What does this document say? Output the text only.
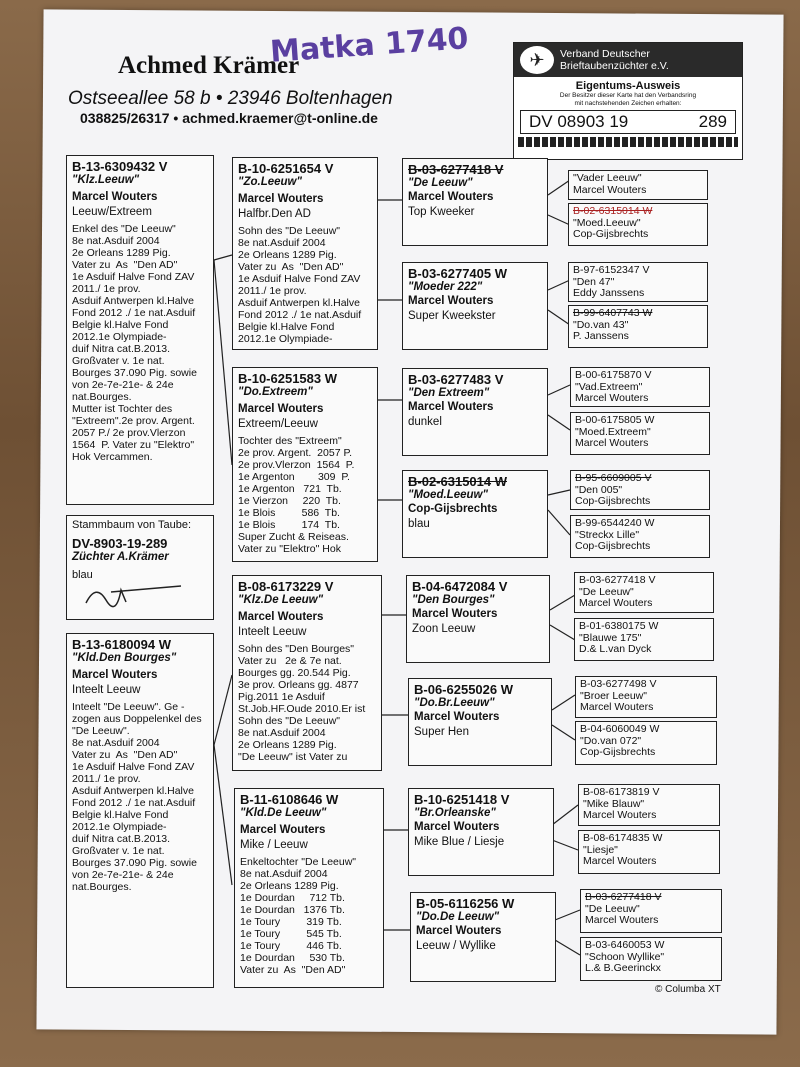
Matka 1740
Achmed Krämer
Ostseeallee 58 b • 23946 Boltenhagen
038825/26317 • achmed.kraemer@t-online.de
✈	Verband Deutscher
Brieftaubenzüchter e.V.
Eigentums-Ausweis
Der Besitzer dieser Karte hat den Verbandsring
mit nachstehenden Zeichen erhalten:
DV 08903 19	289
B-13-6309432 V
"Klz.Leeuw"
Marcel Wouters
Leeuw/Extreem
Enkel des "De Leeuw"
8e nat.Asduif 2004
2e Orleans 1289 Pig.
Vater zu  As  "Den AD"
1e Asduif Halve Fond ZAV
2011./ 1e prov.
Asduif Antwerpen kl.Halve
Fond 2012 ./ 1e nat.Asduif
Belgie kl.Halve Fond
2012.1e Olympiade-
duif Nitra cat.B.2013.
Großvater v. 1e nat.
Bourges 37.090 Pig. sowie
von 2e-7e-21e- & 24e
nat.Bourges.
Mutter ist Tochter des
"Extreem".2e prov. Argent.
2057 P./ 2e prov.Vlerzon
1564  P. Vater zu "Elektro"
Hok Vercammen.
Stammbaum von Taube:
DV-8903-19-289
Züchter A.Krämer
blau
B-13-6180094 W
"Kld.Den Bourges"
Marcel Wouters
Inteelt Leeuw
Inteelt "De Leeuw". Ge -
zogen aus Doppelenkel des
"De Leeuw".
8e nat.Asduif 2004
Vater zu  As  "Den AD"
1e Asduif Halve Fond ZAV
2011./ 1e prov.
Asduif Antwerpen kl.Halve
Fond 2012 ./ 1e nat.Asduif
Belgie kl.Halve Fond
2012.1e Olympiade-
duif Nitra cat.B.2013.
Großvater v. 1e nat.
Bourges 37.090 Pig. sowie
von 2e-7e-21e- & 24e
nat.Bourges.
B-10-6251654 V
"Zo.Leeuw"
Marcel Wouters
Halfbr.Den AD
Sohn des "De Leeuw"
8e nat.Asduif 2004
2e Orleans 1289 Pig.
Vater zu  As  "Den AD"
1e Asduif Halve Fond ZAV
2011./ 1e prov.
Asduif Antwerpen kl.Halve
Fond 2012 ./ 1e nat.Asduif
Belgie kl.Halve Fond
2012.1e Olympiade-
B-10-6251583 W
"Do.Extreem"
Marcel Wouters
Extreem/Leeuw
Tochter des "Extreem"
2e prov. Argent.  2057 P.
2e prov.Vlerzon  1564  P.
1e Argenton        309  P.
1e Argenton   721  Tb.
1e Vierzon     220  Tb.
1e Blois         586  Tb.
1e Blois         174  Tb.
Super Zucht & Reiseas.
Vater zu "Elektro" Hok
B-08-6173229 V
"Klz.De Leeuw"
Marcel Wouters
Inteelt Leeuw
Sohn des "Den Bourges"
Vater zu   2e & 7e nat.
Bourges gg. 20.544 Pig.
3e prov. Orleans gg. 4877
Pig.2011 1e Asduif
St.Job.HF.Oude 2010.Er ist
Sohn des "De Leeuw"
8e nat.Asduif 2004
2e Orleans 1289 Pig.
"De Leeuw" ist Vater zu
B-11-6108646 W
"Kld.De Leeuw"
Marcel Wouters
Mike / Leeuw
Enkeltochter "De Leeuw"
8e nat.Asduif 2004
2e Orleans 1289 Pig.
1e Dourdan     712 Tb.
1e Dourdan   1376 Tb.
1e Toury         319 Tb.
1e Toury         545 Tb.
1e Toury         446 Tb.
1e Dourdan     530 Tb.
Vater zu  As  "Den AD"
B-03-6277418 V
"De Leeuw"
Marcel Wouters
Top Kweeker
B-03-6277405 W
"Moeder 222"
Marcel Wouters
Super Kweekster
B-03-6277483 V
"Den Extreem"
Marcel Wouters
dunkel
B-02-6315014 W
"Moed.Leeuw"
Cop-Gijsbrechts
blau
B-04-6472084 V
"Den Bourges"
Marcel Wouters
Zoon Leeuw
B-06-6255026 W
"Do.Br.Leeuw"
Marcel Wouters
Super Hen
B-10-6251418 V
"Br.Orleanske"
Marcel Wouters
Mike Blue / Liesje
B-05-6116256 W
"Do.De Leeuw"
Marcel Wouters
Leeuw / Wyllike
"Vader Leeuw"
Marcel Wouters
B-02-6315014 W
"Moed.Leeuw"
Cop-Gijsbrechts
B-97-6152347 V
"Den 47"
Eddy Janssens
B-99-6407743 W
"Do.van 43"
P. Janssens
B-00-6175870 V
"Vad.Extreem"
Marcel Wouters
B-00-6175805 W
"Moed.Extreem"
Marcel Wouters
B-95-6609005 V
"Den 005"
Cop-Gijsbrechts
B-99-6544240 W
"Streckx Lille"
Cop-Gijsbrechts
B-03-6277418 V
"De Leeuw"
Marcel Wouters
B-01-6380175 W
"Blauwe 175"
D.& L.van Dyck
B-03-6277498 V
"Broer Leeuw"
Marcel Wouters
B-04-6060049 W
"Do.van 072"
Cop-Gijsbrechts
B-08-6173819 V
"Mike Blauw"
Marcel Wouters
B-08-6174835 W
"Liesje"
Marcel Wouters
B-03-6277418 V
"De Leeuw"
Marcel Wouters
B-03-6460053 W
"Schoon Wyllike"
L.& B.Geerinckx
© Columba XT
